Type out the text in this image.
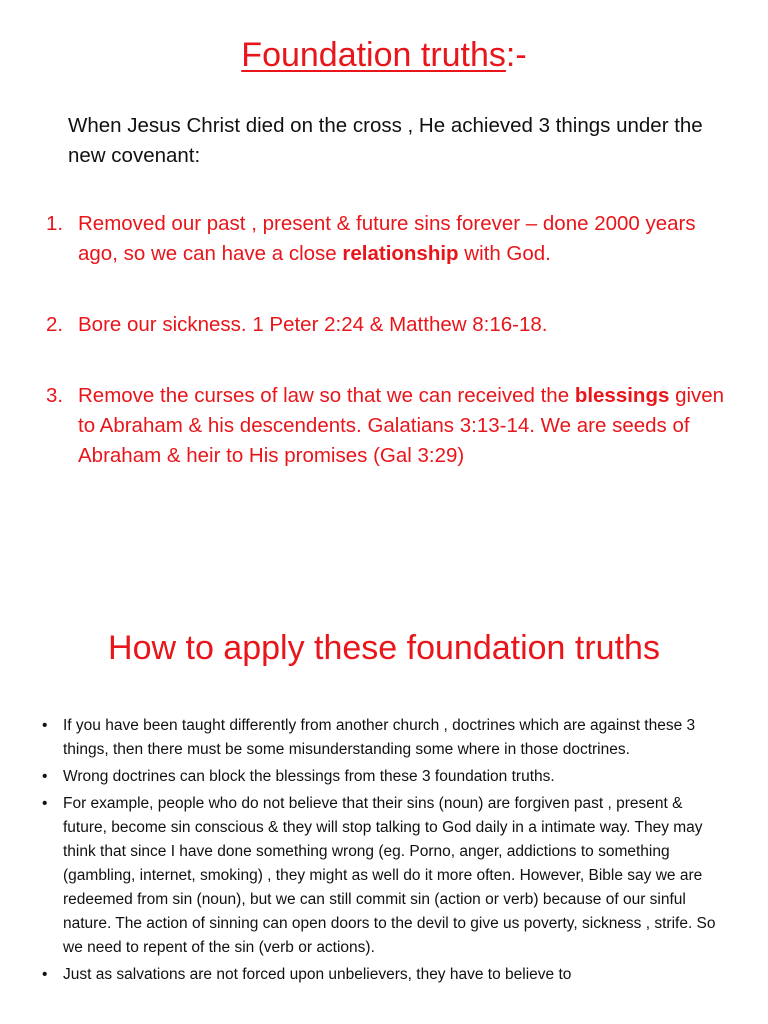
Foundation truths:-
When Jesus Christ died on the cross , He achieved 3 things under the new covenant:
1. Removed our past , present & future sins forever – done 2000 years ago, so we can have a close relationship with God.
2. Bore our sickness. 1 Peter 2:24 & Matthew 8:16-18.
3. Remove the curses of law so that we can received the blessings given to Abraham & his descendents. Galatians 3:13-14. We are seeds of Abraham & heir to His promises (Gal 3:29)
How to apply these foundation truths
• If you have been taught differently from another church , doctrines which are against these 3 things, then there must be some misunderstanding some where in those doctrines.
• Wrong doctrines can block the blessings from these 3 foundation truths.
• For example, people who do not believe that their sins (noun) are forgiven past , present & future, become sin conscious & they will stop talking to God daily in a intimate way. They may think that since I have done something wrong (eg. Porno, anger, addictions to something (gambling, internet, smoking) , they might as well do it more often. However, Bible say we are redeemed from sin (noun), but we can still commit sin (action or verb) because of our sinful nature. The action of sinning can open doors to the devil to give us poverty, sickness , strife. So we need to repent of the sin (verb or actions).
• Just as salvations are not forced upon unbelievers, they have to believe to
